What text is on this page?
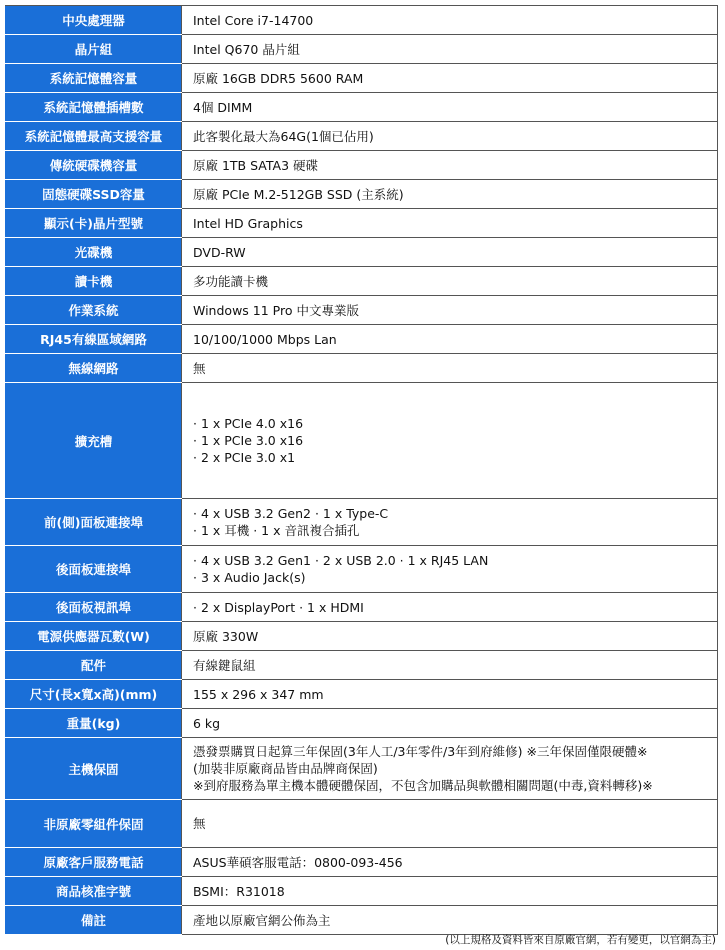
中央處理器	Intel Core i7-14700

晶片組	Intel Q670 晶片組

系統記憶體容量	原廠 16GB DDR5 5600 RAM

系統記憶體插槽數	4個 DIMM

系統記憶體最高支援容量	此客製化最大為64G(1個已佔用)

傳統硬碟機容量	原廠 1TB SATA3 硬碟

固態硬碟SSD容量	原廠 PCIe M.2-512GB SSD (主系統)

顯示(卡)晶片型號	Intel HD Graphics

光碟機	DVD-RW

讀卡機	多功能讀卡機

作業系統	Windows 11 Pro 中文專業版

RJ45有線區域網路	10/100/1000 Mbps Lan

無線網路	無

擴充槽	· 1 x PCIe 4.0 x16
· 1 x PCIe 3.0 x16
· 2 x PCIe 3.0 x1

前(側)面板連接埠	· 4 x USB 3.2 Gen2 · 1 x Type-C
· 1 x 耳機 · 1 x 音訊複合插孔

後面板連接埠	· 4 x USB 3.2 Gen1 · 2 x USB 2.0 · 1 x RJ45 LAN
· 3 x Audio Jack(s)

後面板視訊埠	· 2 x DisplayPort · 1 x HDMI

電源供應器瓦數(W)	原廠 330W

配件	有線鍵鼠組

尺寸(長x寬x高)(mm)	155 x 296 x 347 mm

重量(kg)	6 kg

主機保固	憑發票購買日起算三年保固(3年人工/3年零件/3年到府維修) ※三年保固僅限硬體※
(加裝非原廠商品皆由品牌商保固)
※到府服務為單主機本體硬體保固，不包含加購品與軟體相關問題(中毒,資料轉移)※

非原廠零組件保固	無

原廠客戶服務電話	ASUS華碩客服電話：0800-093-456

商品核准字號	BSMI：R31018

備註	產地以原廠官網公佈為主
(以上規格及資料皆來自原廠官網，若有變更，以官網為主)
